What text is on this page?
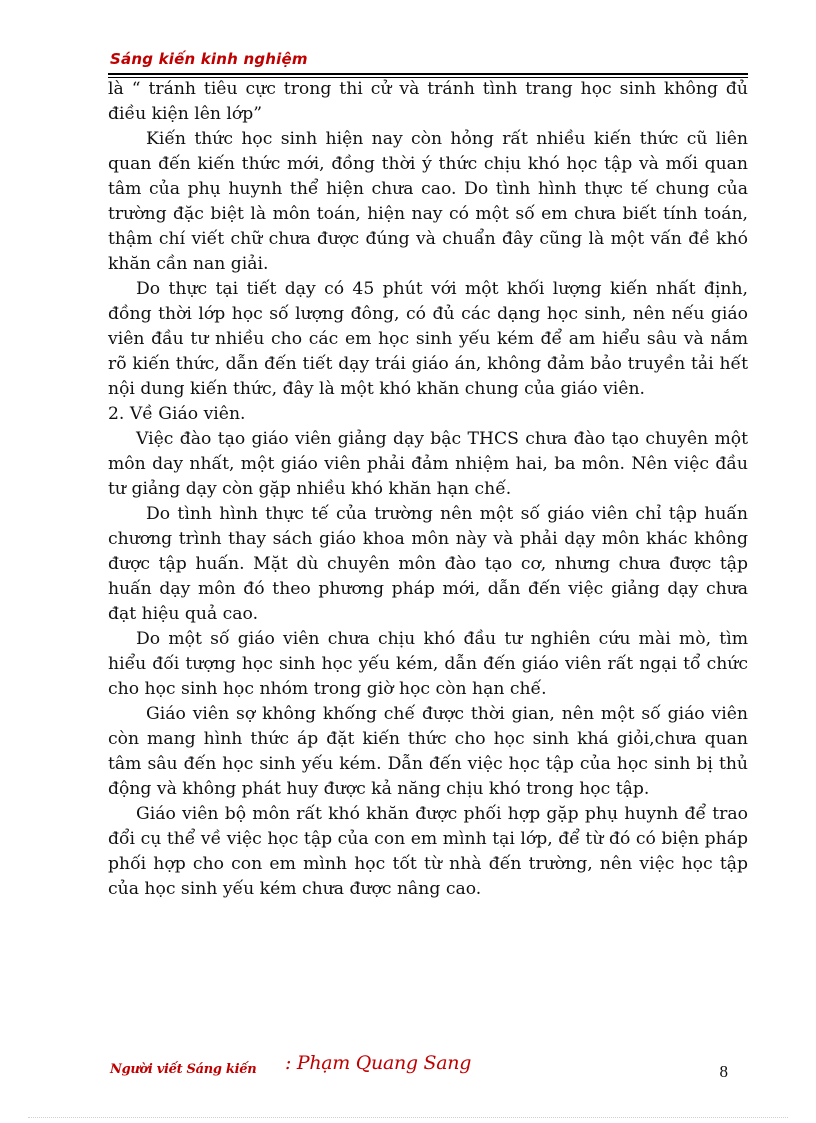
Sáng kiến kinh nghiệm

là “ tránh tiêu cực trong thi cử và tránh tình trang học sinh không đủ điều kiện lên lớp”

Kiến thức học sinh hiện nay còn hỏng rất nhiều kiến thức cũ liên quan đến kiến thức mới, đồng thời ý thức chịu khó học tập và mối quan tâm của phụ huynh thể hiện chưa cao. Do tình hình thực tế chung của trường đặc biệt là môn toán, hiện nay có một số em chưa biết tính toán, thậm chí viết chữ chưa được đúng và chuẩn đây cũng là một vấn đề khó khăn cần nan giải.

Do thực tại tiết dạy có 45 phút với một khối lượng kiến nhất định, đồng thời lớp học số lượng đông, có đủ các dạng học sinh, nên nếu giáo viên đầu tư nhiều cho các em học sinh yếu kém để am hiểu sâu và nắm rõ kiến thức, dẫn đến tiết dạy trái giáo án, không đảm bảo truyền tải hết nội dung kiến thức, đây là một khó khăn chung của giáo viên.

2. Về Giáo viên.

Việc đào tạo giáo viên giảng dạy bậc THCS chưa đào tạo chuyên một môn day nhất, một giáo viên phải đảm nhiệm hai, ba môn. Nên việc đầu tư giảng dạy còn gặp nhiều khó khăn hạn chế.

Do tình hình thực tế của trường nên một số giáo viên chỉ tập huấn chương trình thay sách giáo khoa môn này và phải dạy môn khác không được tập huấn. Mặt dù chuyên môn đào tạo cơ, nhưng chưa được tập huấn dạy môn đó theo phương pháp mới, dẫn đến việc giảng dạy chưa đạt hiệu quả cao.

Do một số giáo viên chưa chịu khó đầu tư nghiên cứu mài mò, tìm hiểu đối tượng học sinh học yếu kém, dẫn đến giáo viên rất ngại tổ chức cho học sinh học nhóm trong giờ học còn hạn chế.

Giáo viên sợ không khống chế được thời gian, nên một số giáo viên còn mang hình thức áp đặt kiến thức cho học sinh khá giỏi,chưa quan tâm sâu đến học sinh yếu kém. Dẫn đến việc học tập của học sinh bị thủ động và không phát huy được kả năng chịu khó trong học tập.

Giáo viên bộ môn rất khó khăn được phối hợp gặp phụ huynh để trao đổi cụ thể về việc học tập của con em mình tại lớp, để từ đó có biện pháp phối hợp cho con em mình học tốt từ nhà đến trường, nên việc học tập của học sinh yếu kém chưa được nâng cao.

Người viết Sáng kiến : Phạm Quang Sang	8
